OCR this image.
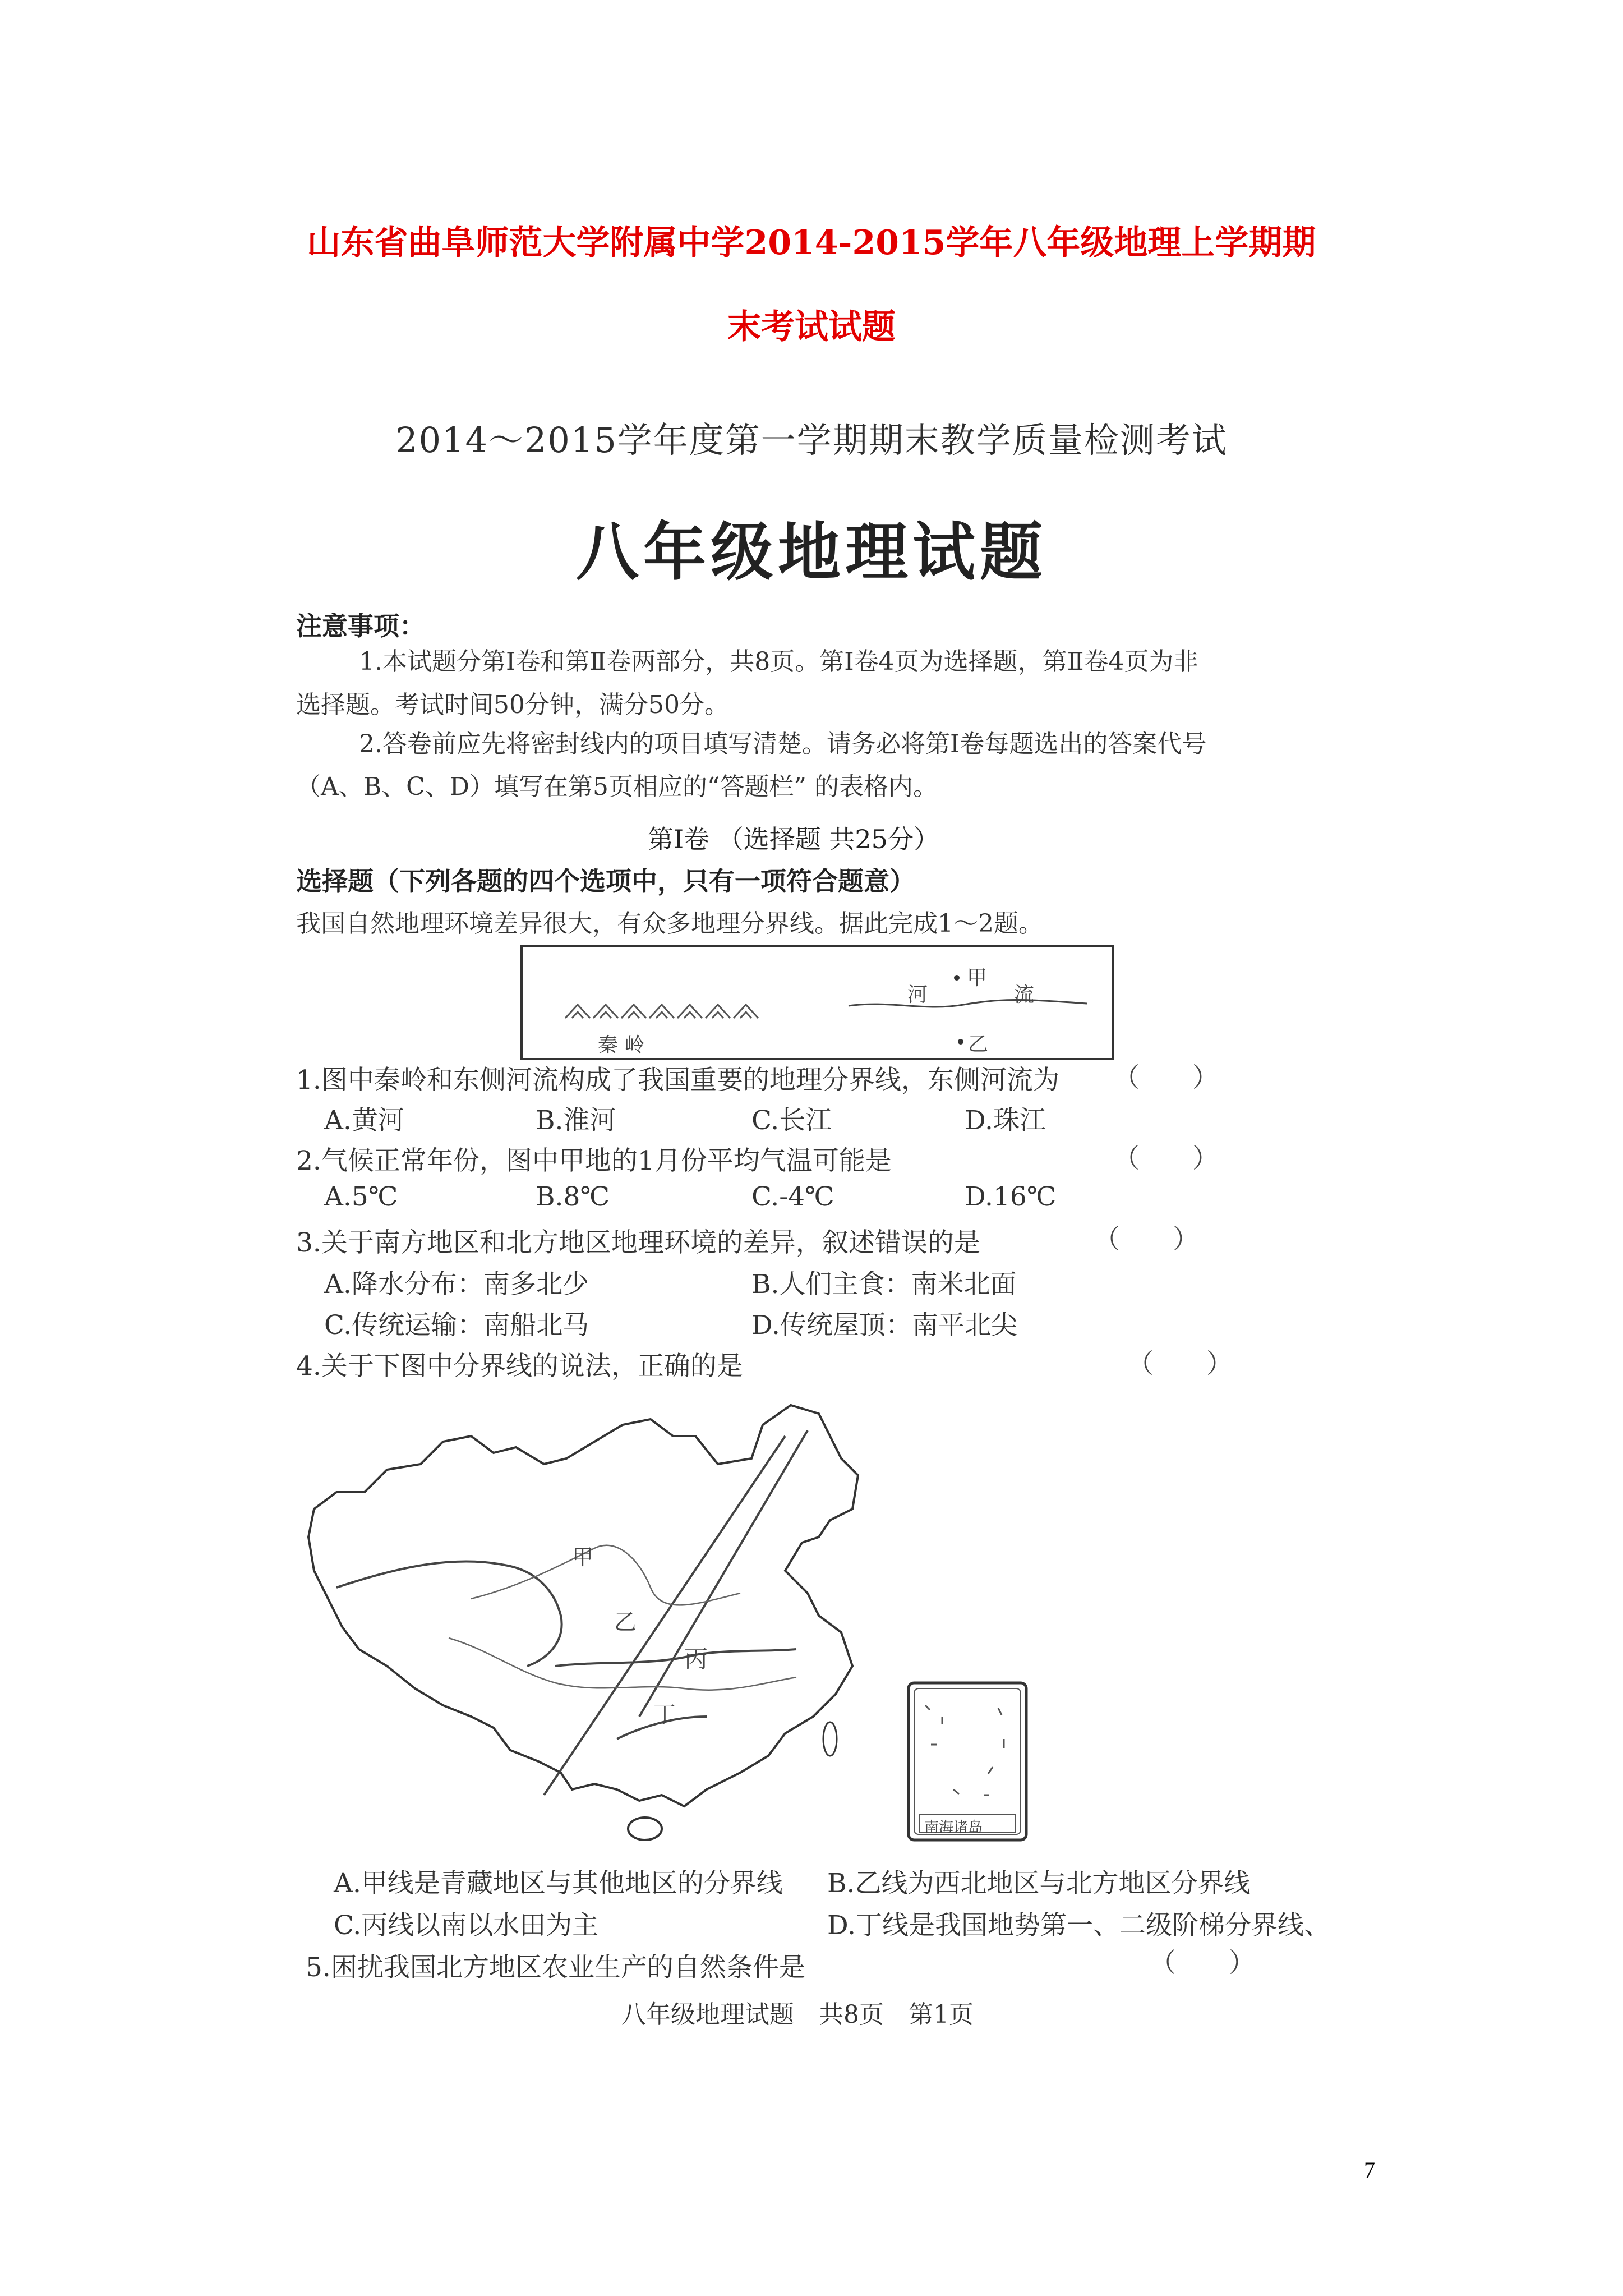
山东省曲阜师范大学附属中学2014-2015学年八年级地理上学期期
末考试试题
2014～2015学年度第一学期期末教学质量检测考试
八年级地理试题
注意事项：
1.本试题分第Ⅰ卷和第Ⅱ卷两部分，共8页。第Ⅰ卷4页为选择题，第Ⅱ卷4页为非
选择题。考试时间50分钟，满分50分。
2.答卷前应先将密封线内的项目填写清楚。请务必将第Ⅰ卷每题选出的答案代号
（A、B、C、D）填写在第5页相应的“答题栏” 的表格内。
第Ⅰ卷 （选择题 共25分）
选择题（下列各题的四个选项中，只有一项符合题意）
我国自然地理环境差异很大，有众多地理分界线。据此完成1～2题。
秦 岭
河
甲
流
乙
1.图中秦岭和东侧河流构成了我国重要的地理分界线，东侧河流为 （　　）
A.黄河	B.淮河	C.长江	D.珠江
2.气候正常年份，图中甲地的1月份平均气温可能是	（　　）
A.5℃	B.8℃	C.-4℃	D.16℃
3.关于南方地区和北方地区地理环境的差异，叙述错误的是	（　　）
A.降水分布：南多北少	B.人们主食：南米北面
C.传统运输：南船北马	D.传统屋顶：南平北尖
4.关于下图中分界线的说法，正确的是	（　　）
甲
乙
丙
丁
南海诸岛
A.甲线是青藏地区与其他地区的分界线 B.乙线为西北地区与北方地区分界线
C.丙线以南以水田为主	D.丁线是我国地势第一、二级阶梯分界线、
5.困扰我国北方地区农业生产的自然条件是	（　　）
八年级地理试题　共8页　第1页
7
